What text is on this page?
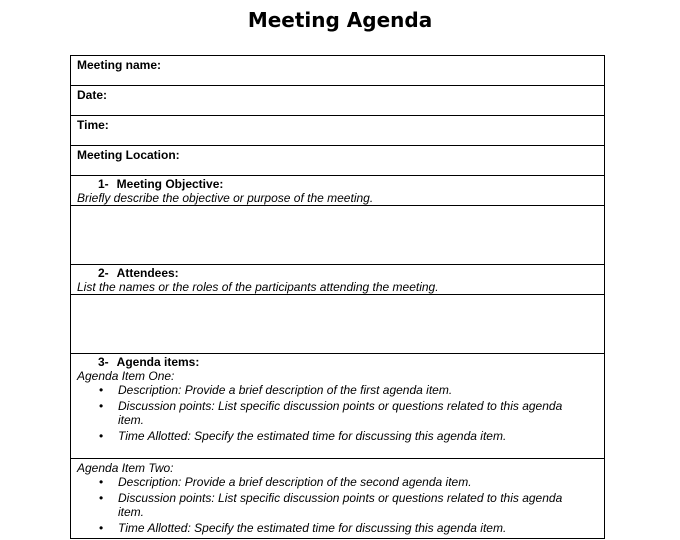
Meeting Agenda
Meeting name:
Date:
Time:
Meeting Location:
1- Meeting Objective:
Briefly describe the objective or purpose of the meeting.
2- Attendees:
List the names or the roles of the participants attending the meeting.
3- Agenda items:
Agenda Item One:
• Description: Provide a brief description of the first agenda item.
• Discussion points: List specific discussion points or questions related to this agenda item.
• Time Allotted: Specify the estimated time for discussing this agenda item.
Agenda Item Two:
• Description: Provide a brief description of the second agenda item.
• Discussion points: List specific discussion points or questions related to this agenda item.
• Time Allotted: Specify the estimated time for discussing this agenda item.
